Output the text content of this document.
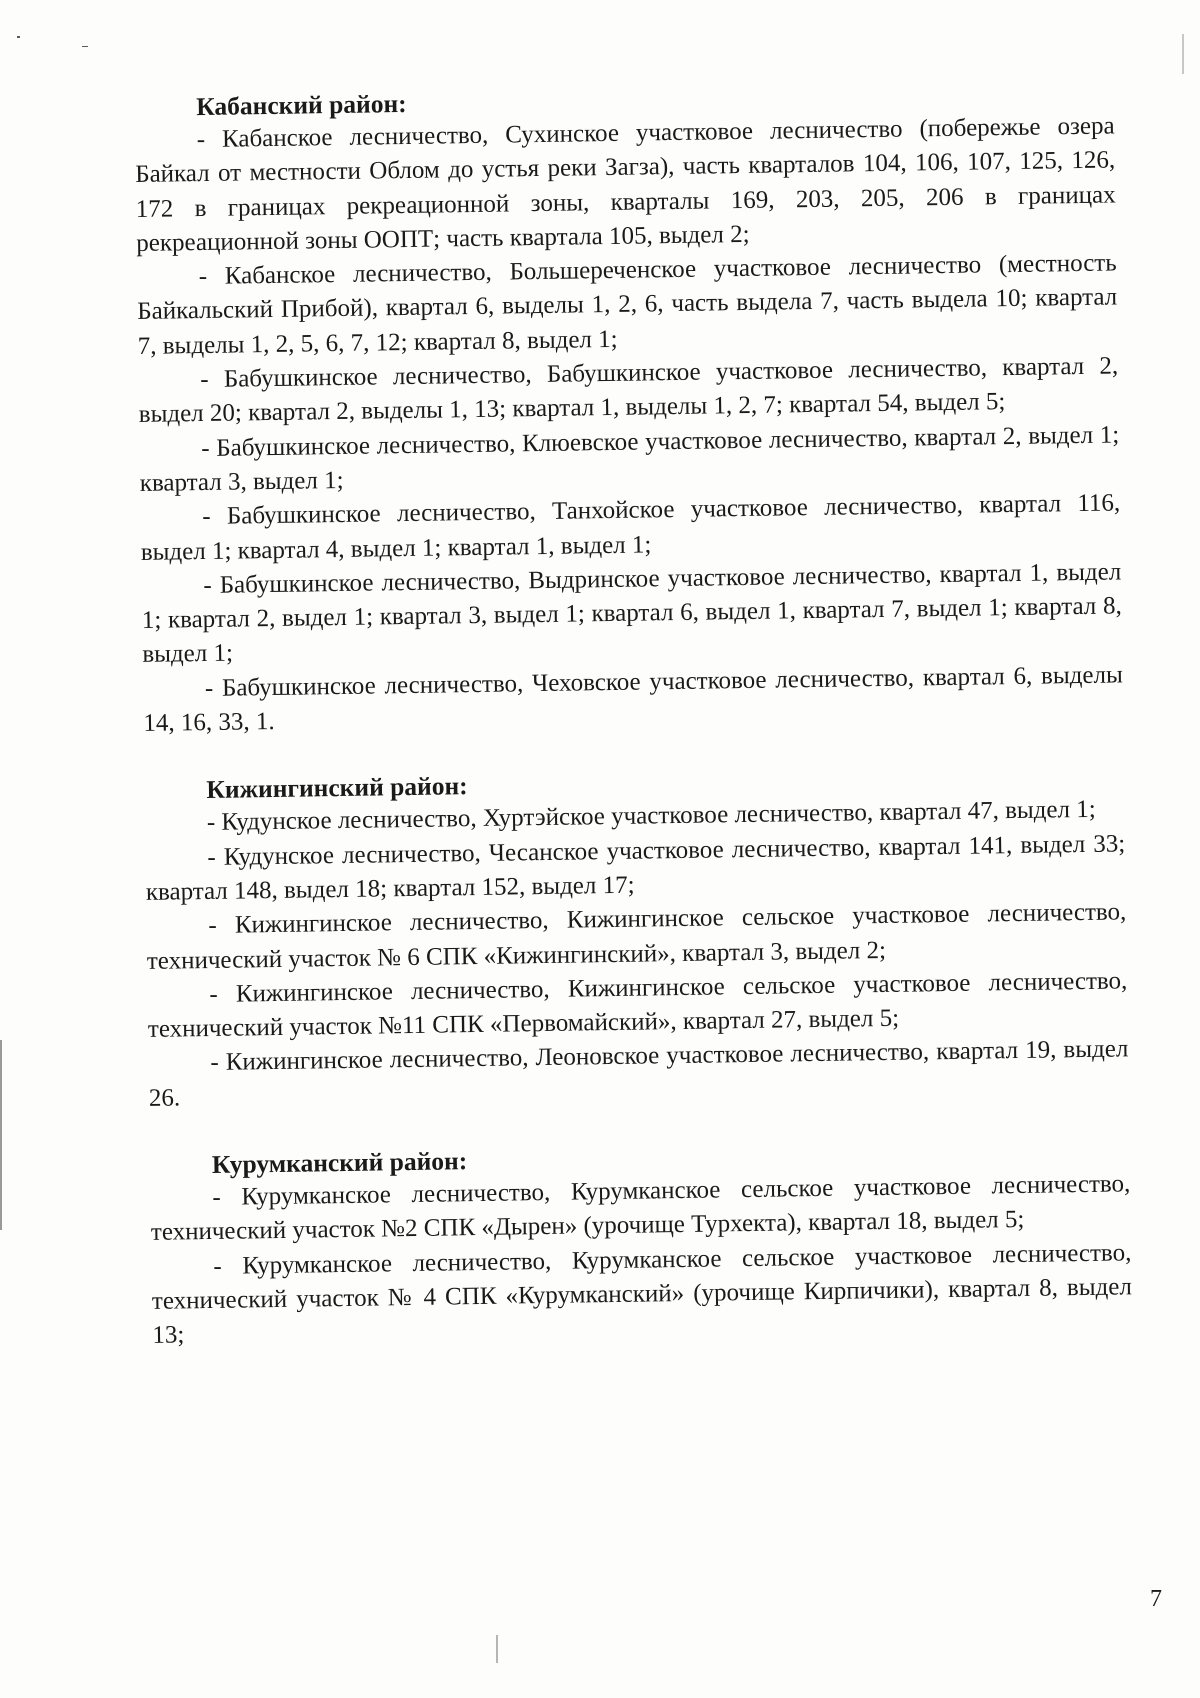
Кабанский район:

- Кабанское лесничество, Сухинское участковое лесничество (побережье озера Байкал от местности Облом до устья реки Загза), часть кварталов 104, 106, 107, 125, 126, 172 в границах рекреационной зоны, кварталы 169, 203, 205, 206 в границах рекреационной зоны ООПТ; часть квартала 105, выдел 2;

- Кабанское лесничество, Большереченское участковое лесничество (местность Байкальский Прибой), квартал 6, выделы 1, 2, 6, часть выдела 7, часть выдела 10; квартал 7, выделы 1, 2, 5, 6, 7, 12; квартал 8, выдел 1;

- Бабушкинское лесничество, Бабушкинское участковое лесничество, квартал 2, выдел 20; квартал 2, выделы 1, 13; квартал 1, выделы 1, 2, 7; квартал 54, выдел 5;

- Бабушкинское лесничество, Клюевское участковое лесничество, квартал 2, выдел 1; квартал 3, выдел 1;

- Бабушкинское лесничество, Танхойское участковое лесничество, квартал 116, выдел 1; квартал 4, выдел 1; квартал 1, выдел 1;

- Бабушкинское лесничество, Выдринское участковое лесничество, квартал 1, выдел 1; квартал 2, выдел 1; квартал 3, выдел 1; квартал 6, выдел 1, квартал 7, выдел 1; квартал 8, выдел 1;

- Бабушкинское лесничество, Чеховское участковое лесничество, квартал 6, выделы 14, 16, 33, 1.

Кижингинский район:

- Кудунское лесничество, Хуртэйское участковое лесничество, квартал 47, выдел 1;

- Кудунское лесничество, Чесанское участковое лесничество, квартал 141, выдел 33; квартал 148, выдел 18; квартал 152, выдел 17;

- Кижингинское лесничество, Кижингинское сельское участковое лесничество, технический участок № 6 СПК «Кижингинский», квартал 3, выдел 2;

- Кижингинское лесничество, Кижингинское сельское участковое лесничество, технический участок №11 СПК «Первомайский», квартал 27, выдел 5;

- Кижингинское лесничество, Леоновское участковое лесничество, квартал 19, выдел 26.

Курумканский район:

- Курумканское лесничество, Курумканское сельское участковое лесничество, технический участок №2 СПК «Дырен» (урочище Турхекта), квартал 18, выдел 5;

- Курумканское лесничество, Курумканское сельское участковое лесничество, технический участок № 4 СПК «Курумканский» (урочище Кирпичики), квартал 8, выдел 13;

7
